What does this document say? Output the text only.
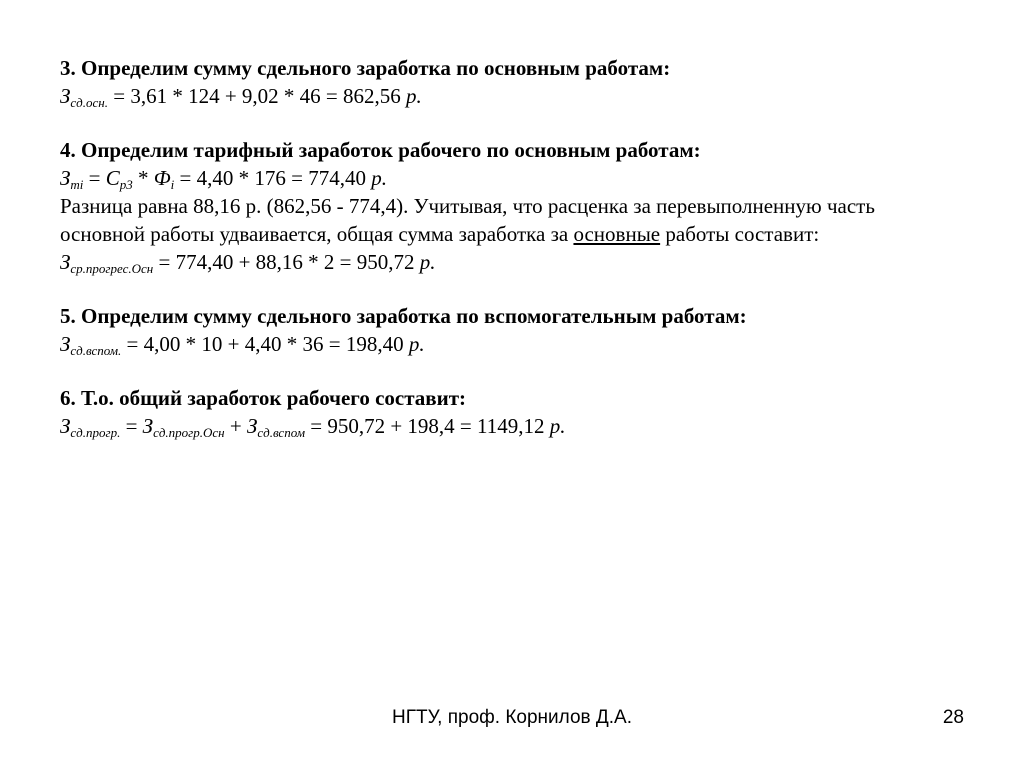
3. Определим сумму сдельного заработка по основным работам:
$З_{сд.осн.} = 3,61 * 124 + 9,02 * 46 = 862,56$ р.
4. Определим тарифный заработок рабочего по основным работам:
$З_{тi} = С_{р3} * Ф_i = 4,40 * 176 = 774,40$ р.
Разница равна 88,16 р. (862,56 - 774,4). Учитывая, что расценка за перевыполненную часть
основной работы удваивается, общая сумма заработка за основные работы составит:
$З_{ср.прогрес.Осн} = 774,40 + 88,16 * 2 = 950,72$ р.
5. Определим сумму сдельного заработка по вспомогательным работам:
$З_{сд.вспом.} = 4,00 * 10 + 4,40 * 36 = 198,40$ р.
6. Т.о. общий заработок рабочего составит:
$З_{сд.прогр.} = З_{сд.прогр.Осн} + З_{сд.вспом} = 950,72 + 198,4 = 1149,12$ р.
НГТУ, проф. Корнилов Д.А.	28
